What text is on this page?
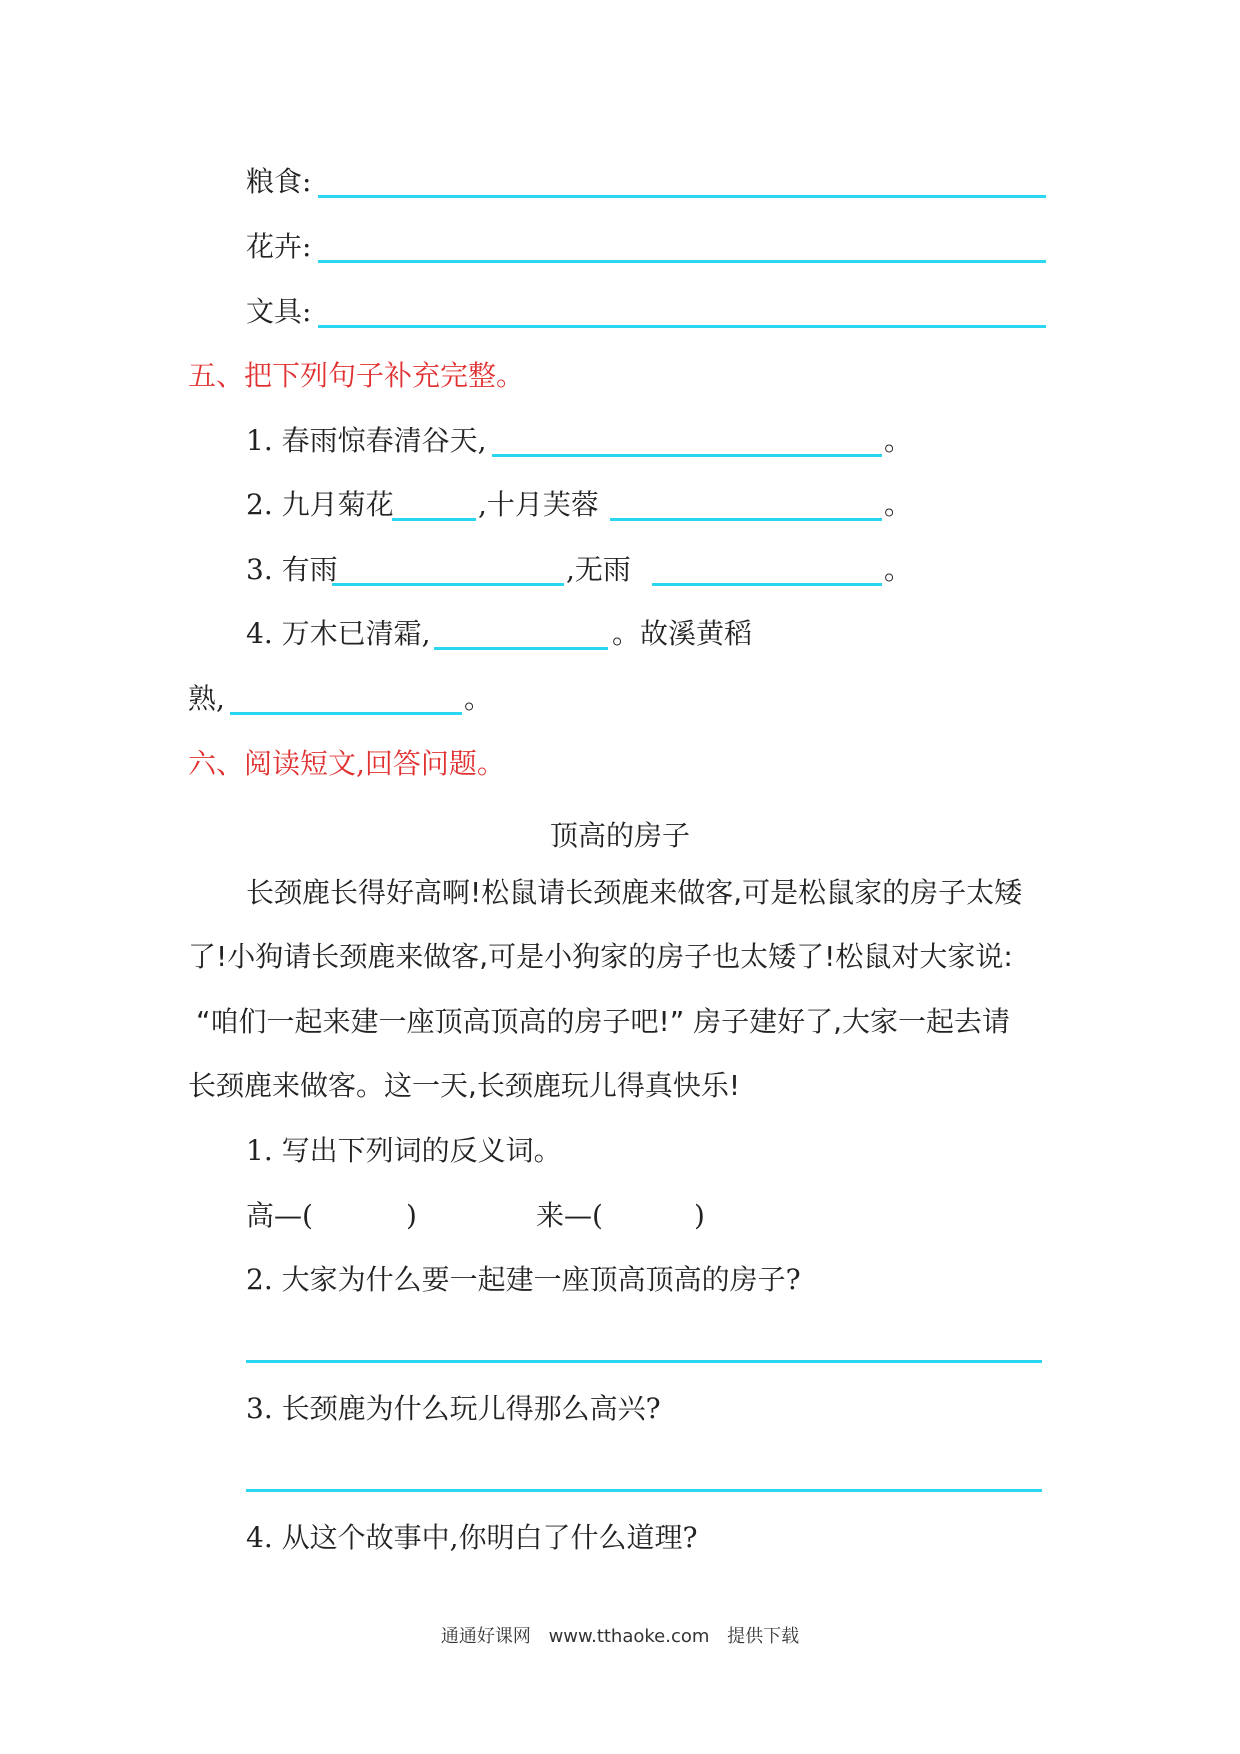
粮食:
花卉:
文具:
五、把下列句子补充完整。
1. 春雨惊春清谷天,	。
2. 九月菊花	,十月芙蓉	。
3. 有雨	,无雨	。
4. 万木已清霜,	。故溪黄稻
熟,	。
六、阅读短文,回答问题。
顶高的房子
长颈鹿长得好高啊!松鼠请长颈鹿来做客,可是松鼠家的房子太矮
了!小狗请长颈鹿来做客,可是小狗家的房子也太矮了!松鼠对大家说:
“咱们一起来建一座顶高顶高的房子吧!” 房子建好了,大家一起去请
长颈鹿来做客。这一天,长颈鹿玩儿得真快乐!
1. 写出下列词的反义词。
高—(	)	来—(	)
2. 大家为什么要一起建一座顶高顶高的房子?
3. 长颈鹿为什么玩儿得那么高兴?
4. 从这个故事中,你明白了什么道理?
通通好课网 www.tthaoke.com 提供下载
